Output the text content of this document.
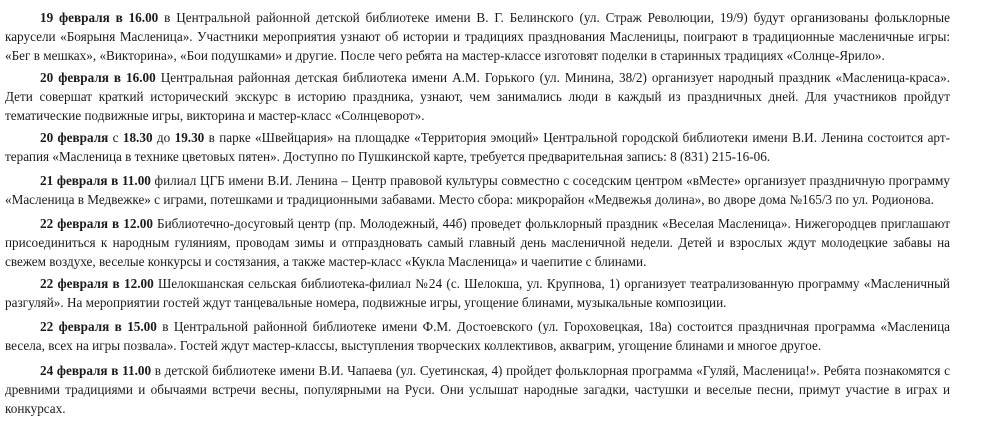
19 февраля в 16.00 в Центральной районной детской библиотеке имени В. Г. Белинского (ул. Страж Революции, 19/9) будут организованы фольклорные карусели «Боярыня Масленица». Участники мероприятия узнают об истории и традициях празднования Масленицы, поиграют в традиционные масленичные игры: «Бег в мешках», «Викторина», «Бои подушками» и другие. После чего ребята на мастер-классе изготовят поделки в старинных традициях «Солнце-Ярило».

20 февраля в 16.00 Центральная районная детская библиотека имени А.М. Горького (ул. Минина, 38/2) организует народный праздник «Масленица-краса». Дети совершат краткий исторический экскурс в историю праздника, узнают, чем занимались люди в каждый из праздничных дней. Для участников пройдут тематические подвижные игры, викторина и мастер-класс «Солнцеворот».

20 февраля с 18.30 до 19.30 в парке «Швейцария» на площадке «Территория эмоций» Центральной городской библиотеки имени В.И. Ленина состоится арт-терапия «Масленица в технике цветовых пятен». Доступно по Пушкинской карте, требуется предварительная запись: 8 (831) 215-16-06.

21 февраля в 11.00 филиал ЦГБ имени В.И. Ленина – Центр правовой культуры совместно с соседским центром «вМесте» организует праздничную программу «Масленица в Медвежке» с играми, потешками и традиционными забавами. Место сбора: микрорайон «Медвежья долина», во дворе дома №165/3 по ул. Родионова.

22 февраля в 12.00 Библиотечно-досуговый центр (пр. Молодежный, 44б) проведет фольклорный праздник «Веселая Масленица». Нижегородцев приглашают присоединиться к народным гуляниям, проводам зимы и отпраздновать самый главный день масленичной недели. Детей и взрослых ждут молодецкие забавы на свежем воздухе, веселые конкурсы и состязания, а также мастер-класс «Кукла Масленица» и чаепитие с блинами.

22 февраля в 12.00 Шелокшанская сельская библиотека-филиал №24 (с. Шелокша, ул. Крупнова, 1) организует театрализованную программу «Масленичный разгуляй». На мероприятии гостей ждут танцевальные номера, подвижные игры, угощение блинами, музыкальные композиции.

22 февраля в 15.00 в Центральной районной библиотеке имени Ф.М. Достоевского (ул. Гороховецкая, 18а) состоится праздничная программа «Масленица весела, всех на игры позвала». Гостей ждут мастер-классы, выступления творческих коллективов, аквагрим, угощение блинами и многое другое.

24 февраля в 11.00 в детской библиотеке имени В.И. Чапаева (ул. Суетинская, 4) пройдет фольклорная программа «Гуляй, Масленица!». Ребята познакомятся с древними традициями и обычаями встречи весны, популярными на Руси. Они услышат народные загадки, частушки и веселые песни, примут участие в играх и конкурсах.
